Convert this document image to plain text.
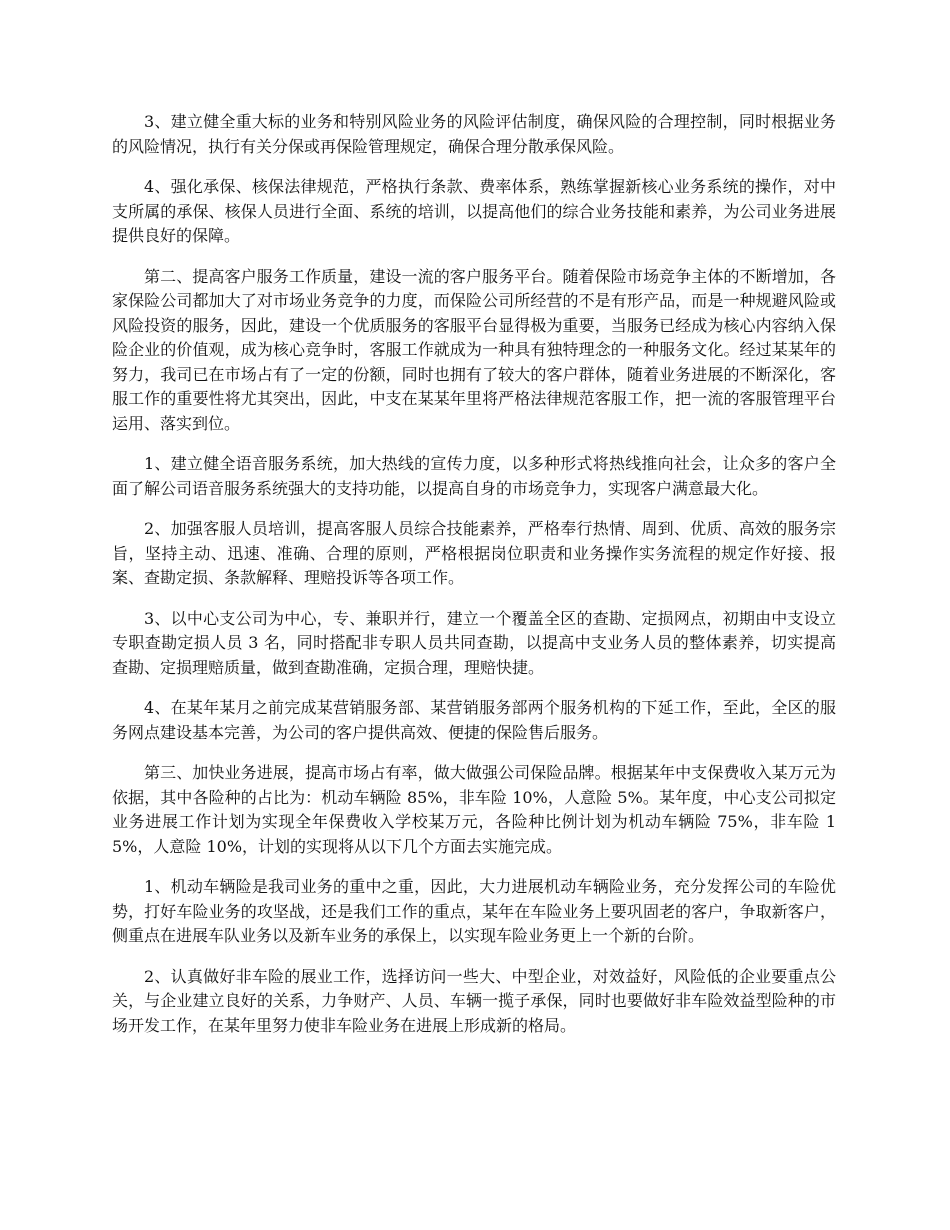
3、建立健全重大标的业务和特别风险业务的风险评估制度，确保风险的合理控制，同时根据业务的风险情况，执行有关分保或再保险管理规定，确保合理分散承保风险。

4、强化承保、核保法律规范，严格执行条款、费率体系，熟练掌握新核心业务系统的操作，对中支所属的承保、核保人员进行全面、系统的培训，以提高他们的综合业务技能和素养，为公司业务进展提供良好的保障。

第二、提高客户服务工作质量，建设一流的客户服务平台。随着保险市场竞争主体的不断增加，各家保险公司都加大了对市场业务竞争的力度，而保险公司所经营的不是有形产品，而是一种规避风险或风险投资的服务，因此，建设一个优质服务的客服平台显得极为重要，当服务已经成为核心内容纳入保险企业的价值观，成为核心竞争时，客服工作就成为一种具有独特理念的一种服务文化。经过某某年的努力，我司已在市场占有了一定的份额，同时也拥有了较大的客户群体，随着业务进展的不断深化，客服工作的重要性将尤其突出，因此，中支在某某年里将严格法律规范客服工作，把一流的客服管理平台运用、落实到位。

1、建立健全语音服务系统，加大热线的宣传力度，以多种形式将热线推向社会，让众多的客户全面了解公司语音服务系统强大的支持功能，以提高自身的市场竞争力，实现客户满意最大化。

2、加强客服人员培训，提高客服人员综合技能素养，严格奉行热情、周到、优质、高效的服务宗旨，坚持主动、迅速、准确、合理的原则，严格根据岗位职责和业务操作实务流程的规定作好接、报案、查勘定损、条款解释、理赔投诉等各项工作。

3、以中心支公司为中心，专、兼职并行，建立一个覆盖全区的查勘、定损网点，初期由中支设立专职查勘定损人员 3 名，同时搭配非专职人员共同查勘，以提高中支业务人员的整体素养，切实提高查勘、定损理赔质量，做到查勘准确，定损合理，理赔快捷。

4、在某年某月之前完成某营销服务部、某营销服务部两个服务机构的下延工作，至此，全区的服务网点建设基本完善，为公司的客户提供高效、便捷的保险售后服务。

第三、加快业务进展，提高市场占有率，做大做强公司保险品牌。根据某年中支保费收入某万元为依据，其中各险种的占比为：机动车辆险 85%，非车险 10%，人意险 5%。某年度，中心支公司拟定业务进展工作计划为实现全年保费收入学校某万元，各险种比例计划为机动车辆险 75%，非车险 15%，人意险 10%，计划的实现将从以下几个方面去实施完成。

1、机动车辆险是我司业务的重中之重，因此，大力进展机动车辆险业务，充分发挥公司的车险优势，打好车险业务的攻坚战，还是我们工作的重点，某年在车险业务上要巩固老的客户，争取新客户，侧重点在进展车队业务以及新车业务的承保上，以实现车险业务更上一个新的台阶。

2、认真做好非车险的展业工作，选择访问一些大、中型企业，对效益好，风险低的企业要重点公关，与企业建立良好的关系，力争财产、人员、车辆一揽子承保，同时也要做好非车险效益型险种的市场开发工作，在某年里努力使非车险业务在进展上形成新的格局。
